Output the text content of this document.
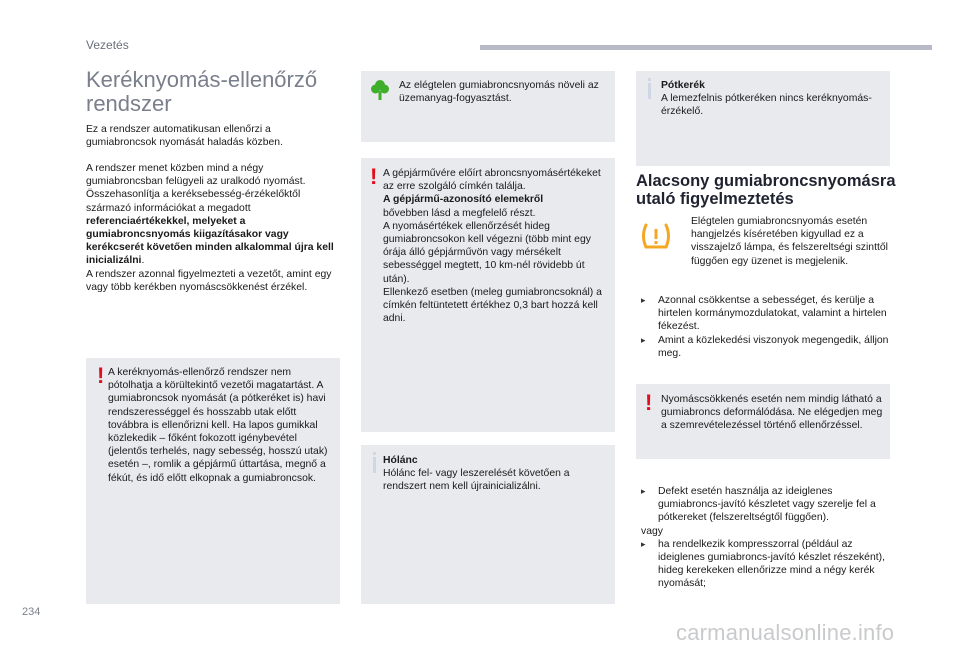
Vezetés
Keréknyomás-ellenőrző rendszer
Ez a rendszer automatikusan ellenőrzi a gumiabroncsok nyomását haladás közben.
A rendszer menet közben mind a négy gumiabroncsban felügyeli az uralkodó nyomást. Összehasonlítja a keréksebesség-érzékelőktől származó információkat a megadott referenciaértékekkel, melyeket a gumiabroncsnyomás kiigazításakor vagy kerékcserét követően minden alkalommal újra kell inicializálni.
A rendszer azonnal figyelmezteti a vezetőt, amint egy vagy több kerékben nyomáscsökkenést érzékel.
! A keréknyomás-ellenőrző rendszer nem pótolhatja a körültekintő vezetői magatartást. A gumiabroncsok nyomását (a pótkeréket is) havi rendszerességgel és hosszabb utak előtt továbbra is ellenőrizni kell. Ha lapos gumikkal közlekedik – főként fokozott igénybevétel (jelentős terhelés, nagy sebesség, hosszú utak) esetén –, romlik a gépjármű úttartása, megnő a fékút, és idő előtt elkopnak a gumiabroncsok.
Az elégtelen gumiabroncsnyomás növeli az üzemanyag-fogyasztást.
! A gépjárművére előírt abroncsnyomásértékeket az erre szolgáló címkén találja.
A gépjármű-azonosító elemekről
bővebben lásd a megfelelő részt.
A nyomásértékek ellenőrzését hideg gumiabroncsokon kell végezni (több mint egy órája álló gépjárművön vagy mérsékelt sebességgel megtett, 10 km-nél rövidebb út után).
Ellenkező esetben (meleg gumiabroncsoknál) a címkén feltüntetett értékhez 0,3 bart hozzá kell adni.
Hólánc
Hólánc fel- vagy leszerelését követően a rendszert nem kell újrainicializálni.
Pótkerék
A lemezfelnis pótkeréken nincs keréknyomás-érzékelő.
Alacsony gumiabroncsnyomásra utaló figyelmeztetés
Elégtelen gumiabroncsnyomás esetén hangjelzés kíséretében kigyullad ez a visszajelző lámpa, és felszereltségi szinttől függően egy üzenet is megjelenik.
▸ Azonnal csökkentse a sebességet, és kerülje a hirtelen kormánymozdulatokat, valamint a hirtelen fékezést.
▸ Amint a közlekedési viszonyok megengedik, álljon meg.
! Nyomáscsökkenés esetén nem mindig látható a gumiabroncs deformálódása. Ne elégedjen meg a szemrevételezéssel történő ellenőrzéssel.
▸ Defekt esetén használja az ideiglenes gumiabroncs-javító készletet vagy szerelje fel a pótkereket (felszereltségtől függően).
vagy
▸ ha rendelkezik kompresszorral (például az ideiglenes gumiabroncs-javító készlet részeként), hideg kerekeken ellenőrizze mind a négy kerék nyomását;
234
carmanualsonline.info
